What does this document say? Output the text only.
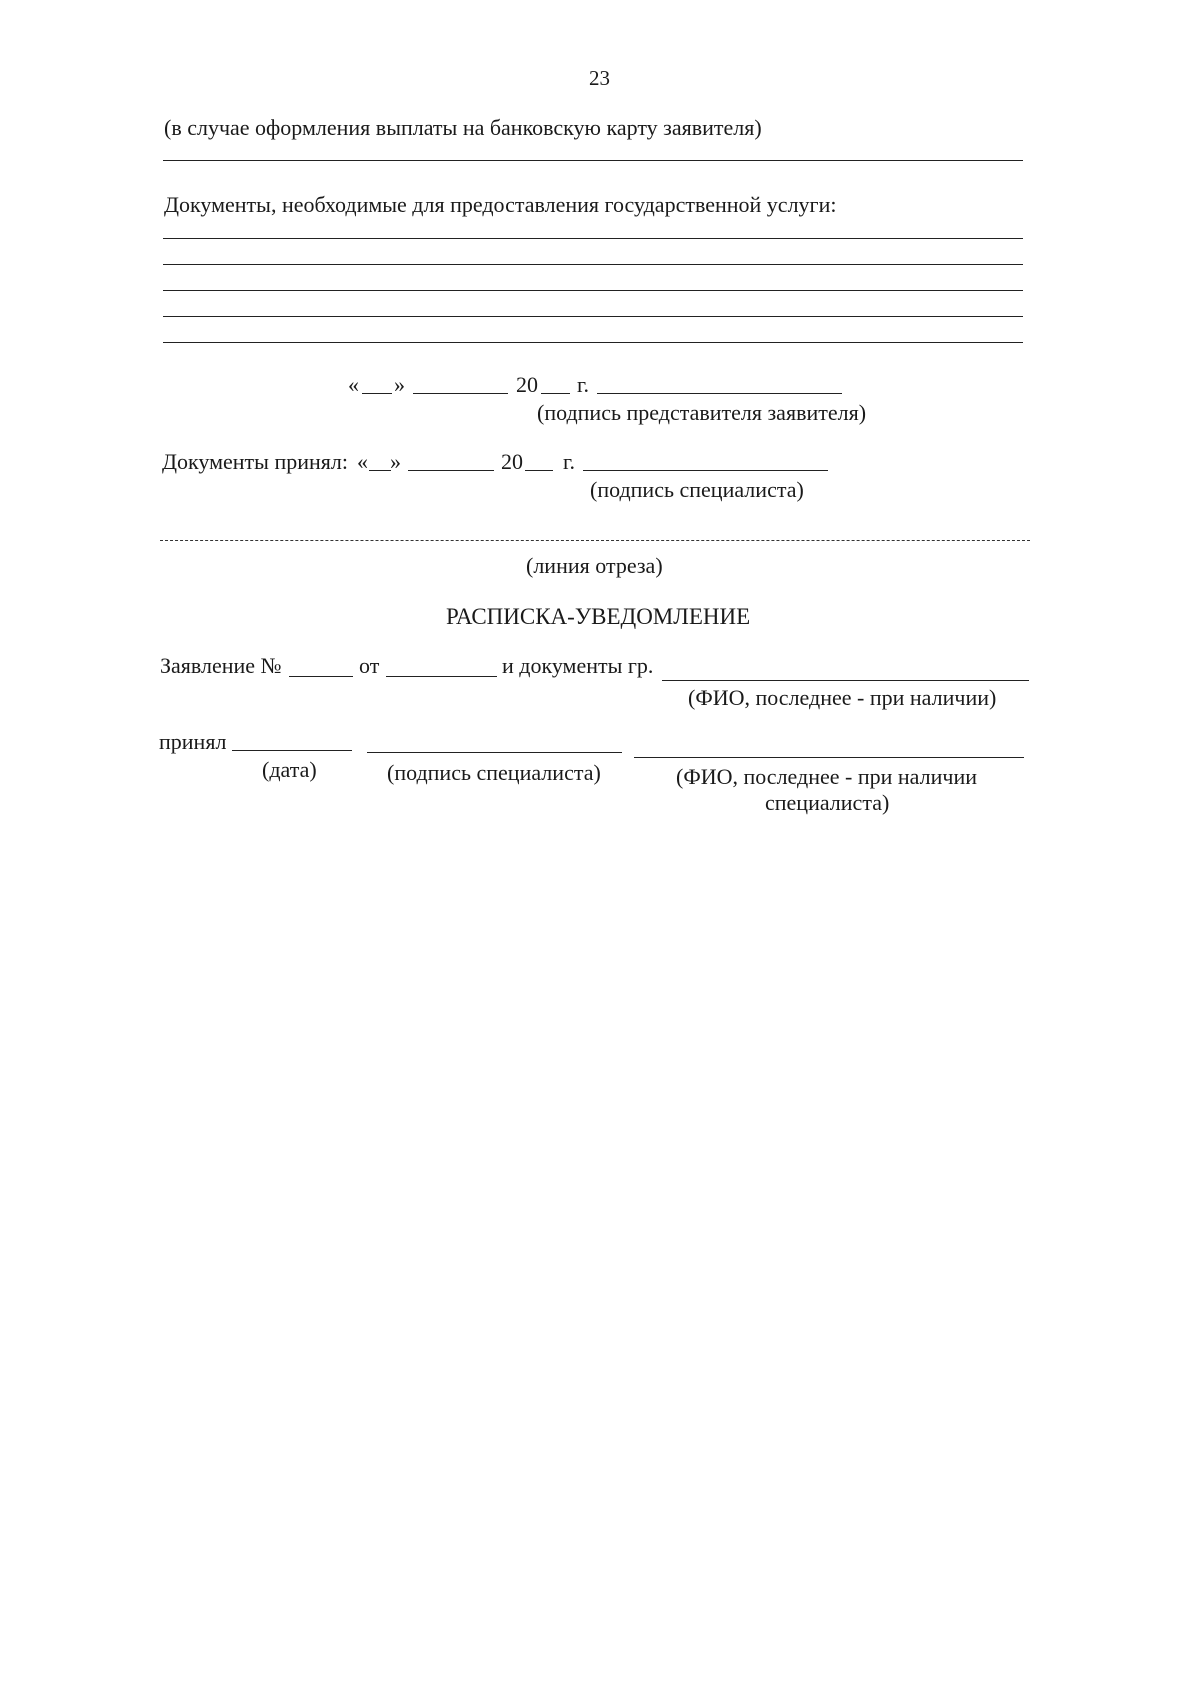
23
(в случае оформления выплаты на банковскую карту заявителя)
Документы, необходимые для предоставления государственной услуги:
« »	20 г.
(подпись представителя заявителя)
Документы принял: « »	20 г.
(подпись специалиста)
(линия отреза)
РАСПИСКА-УВЕДОМЛЕНИЕ
Заявление №	от	и документы гр.
(ФИО, последнее - при наличии)
принял
(дата)	(подпись специалиста)	(ФИО, последнее - при наличии
специалиста)
